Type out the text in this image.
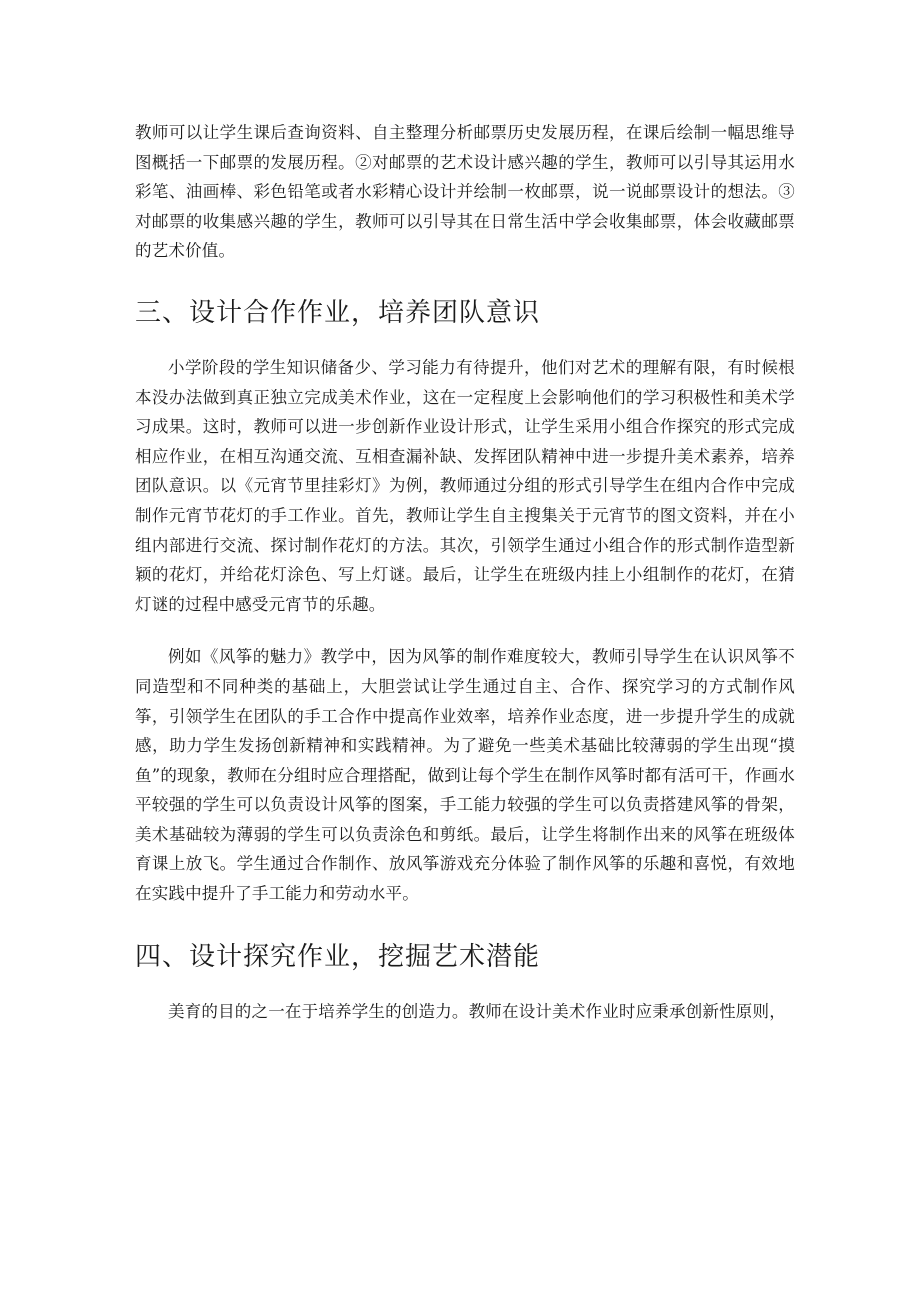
教师可以让学生课后查询资料、自主整理分析邮票历史发展历程，在课后绘制一幅思维导图概括一下邮票的发展历程。②对邮票的艺术设计感兴趣的学生，教师可以引导其运用水彩笔、油画棒、彩色铅笔或者水彩精心设计并绘制一枚邮票，说一说邮票设计的想法。③对邮票的收集感兴趣的学生，教师可以引导其在日常生活中学会收集邮票，体会收藏邮票的艺术价值。

三、设计合作作业，培养团队意识

小学阶段的学生知识储备少、学习能力有待提升，他们对艺术的理解有限，有时候根本没办法做到真正独立完成美术作业，这在一定程度上会影响他们的学习积极性和美术学习成果。这时，教师可以进一步创新作业设计形式，让学生采用小组合作探究的形式完成相应作业，在相互沟通交流、互相查漏补缺、发挥团队精神中进一步提升美术素养，培养团队意识。以《元宵节里挂彩灯》为例，教师通过分组的形式引导学生在组内合作中完成制作元宵节花灯的手工作业。首先，教师让学生自主搜集关于元宵节的图文资料，并在小组内部进行交流、探讨制作花灯的方法。其次，引领学生通过小组合作的形式制作造型新颖的花灯，并给花灯涂色、写上灯谜。最后，让学生在班级内挂上小组制作的花灯，在猜灯谜的过程中感受元宵节的乐趣。

例如《风筝的魅力》教学中，因为风筝的制作难度较大，教师引导学生在认识风筝不同造型和不同种类的基础上，大胆尝试让学生通过自主、合作、探究学习的方式制作风筝，引领学生在团队的手工合作中提高作业效率，培养作业态度，进一步提升学生的成就感，助力学生发扬创新精神和实践精神。为了避免一些美术基础比较薄弱的学生出现“摸鱼”的现象，教师在分组时应合理搭配，做到让每个学生在制作风筝时都有活可干，作画水平较强的学生可以负责设计风筝的图案，手工能力较强的学生可以负责搭建风筝的骨架，美术基础较为薄弱的学生可以负责涂色和剪纸。最后，让学生将制作出来的风筝在班级体育课上放飞。学生通过合作制作、放风筝游戏充分体验了制作风筝的乐趣和喜悦，有效地在实践中提升了手工能力和劳动水平。

四、设计探究作业，挖掘艺术潜能

美育的目的之一在于培养学生的创造力。教师在设计美术作业时应秉承创新性原则，
